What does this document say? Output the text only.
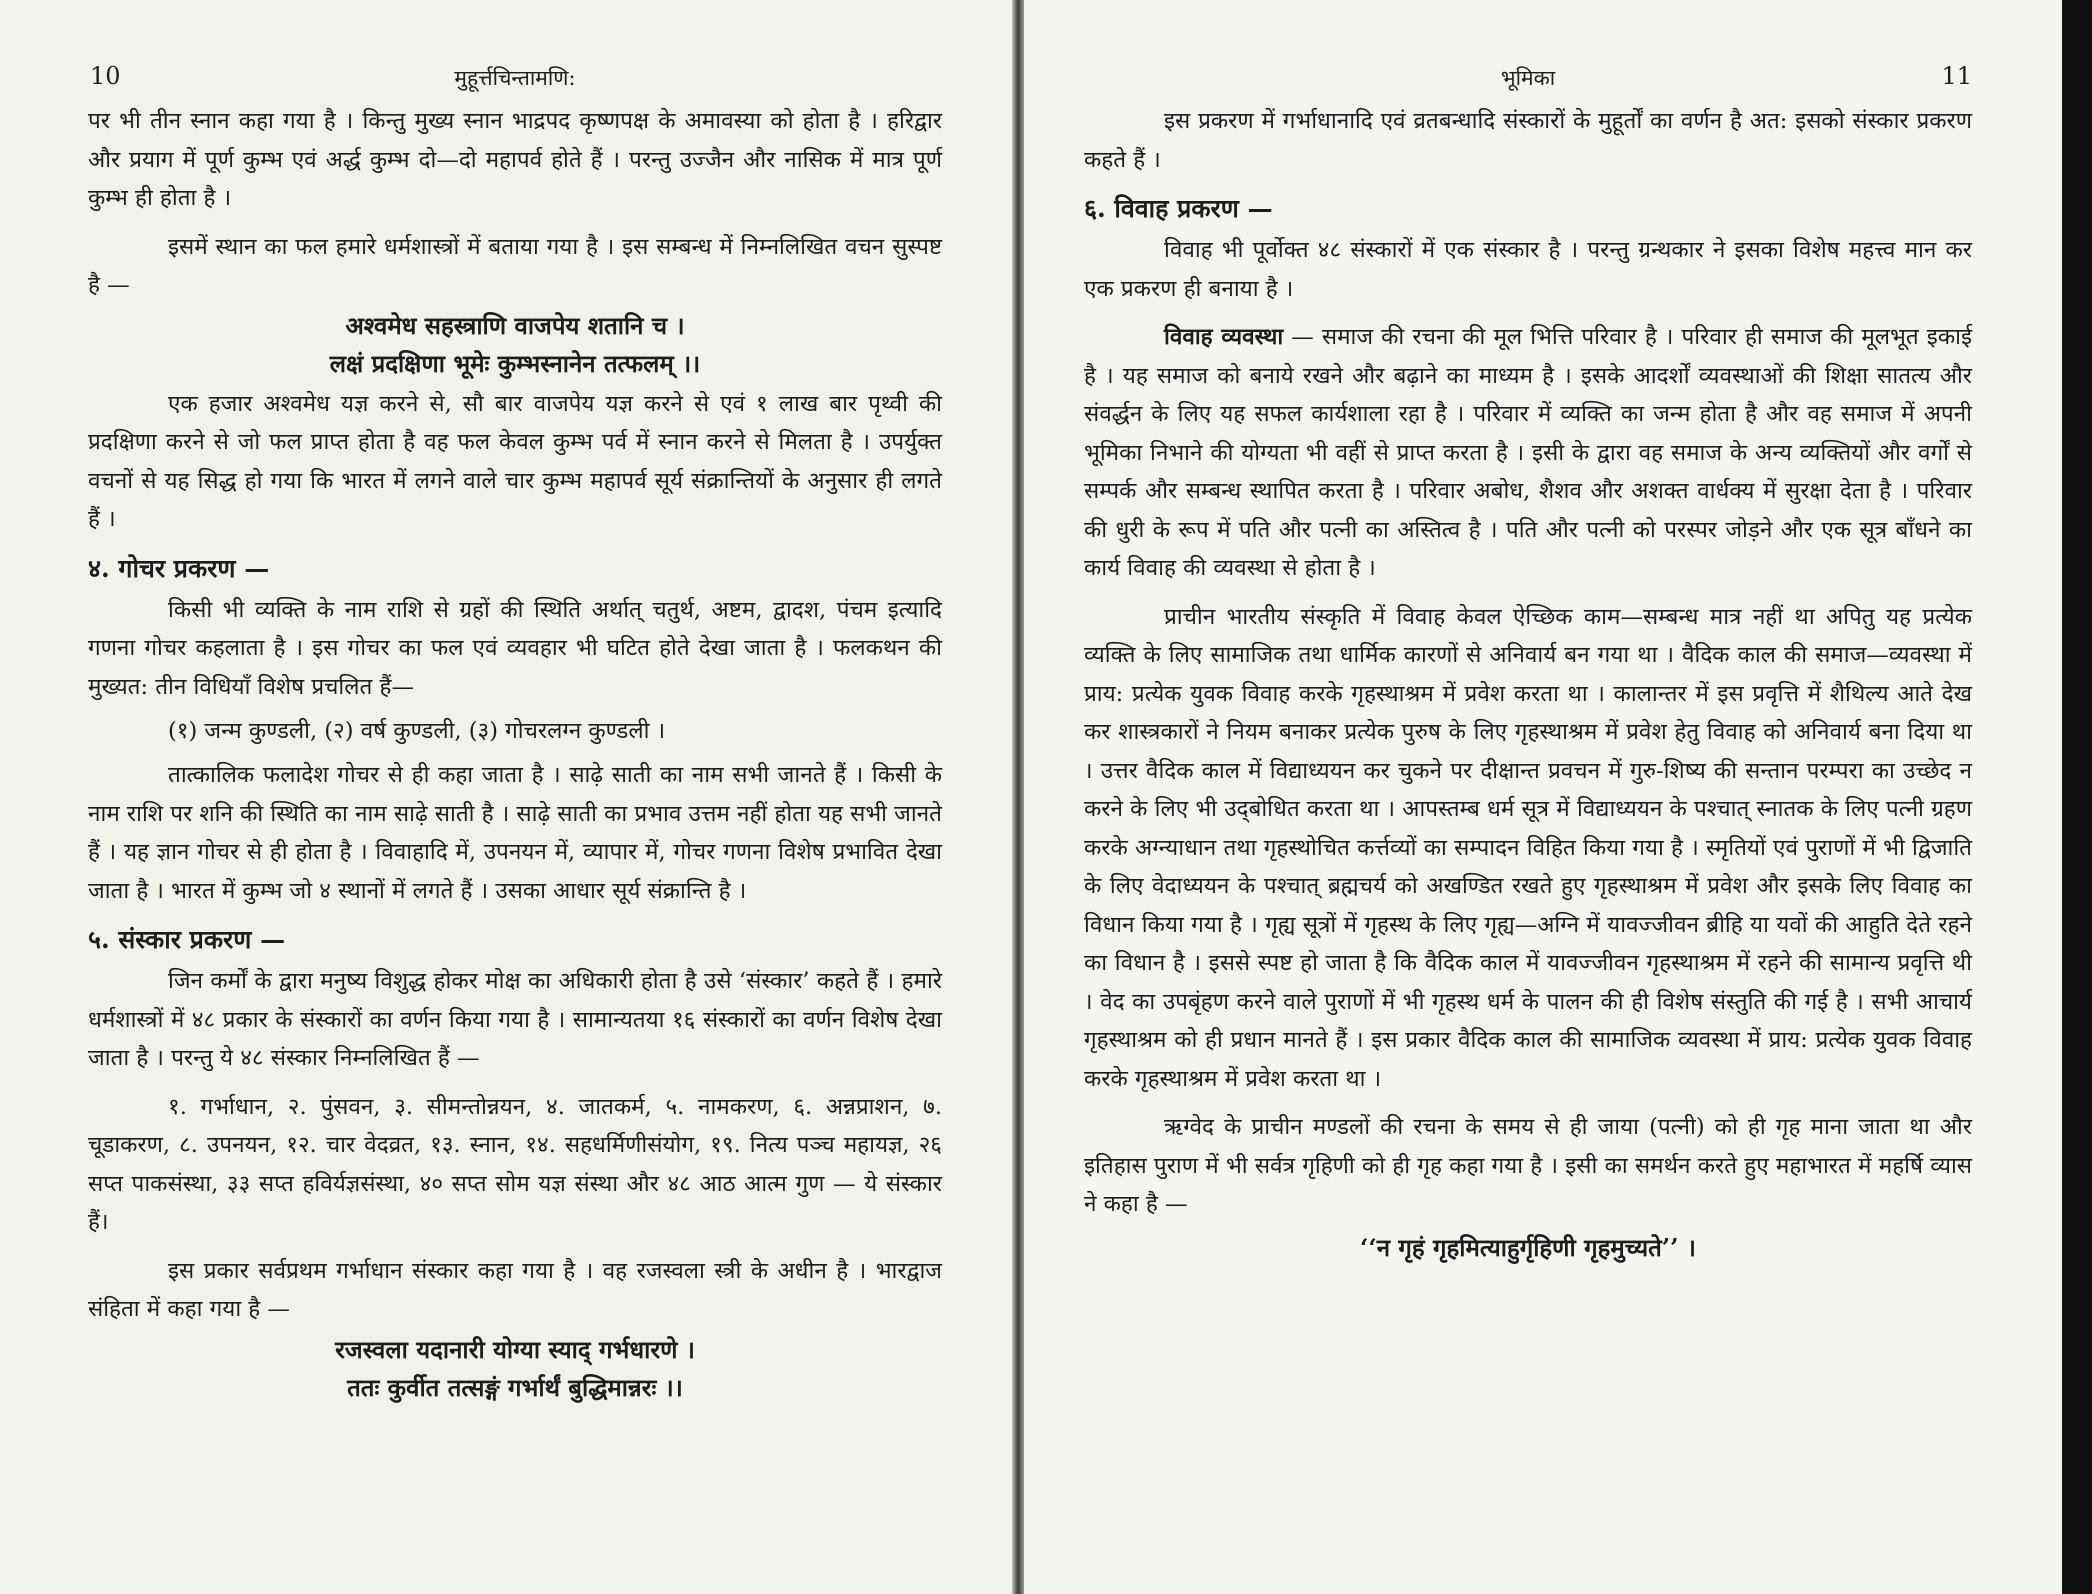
10	मुहूर्त्तचिन्तामणि:

पर भी तीन स्नान कहा गया है । किन्तु मुख्य स्नान भाद्रपद कृष्णपक्ष के अमावस्या को होता है । हरिद्वार और प्रयाग में पूर्ण कुम्भ एवं अर्द्ध कुम्भ दो—दो महापर्व होते हैं । परन्तु उज्जैन और नासिक में मात्र पूर्ण कुम्भ ही होता है ।

इसमें स्थान का फल हमारे धर्मशास्त्रों में बताया गया है । इस सम्बन्ध में निम्नलिखित वचन सुस्पष्ट है —

अश्वमेध सहस्त्राणि वाजपेय शतानि च ।
लक्षं प्रदक्षिणा भूमेः कुम्भस्नानेन तत्फलम् ।।

एक हजार अश्वमेध यज्ञ करने से, सौ बार वाजपेय यज्ञ करने से एवं १ लाख बार पृथ्वी की प्रदक्षिणा करने से जो फल प्राप्त होता है वह फल केवल कुम्भ पर्व में स्नान करने से मिलता है । उपर्युक्त वचनों से यह सिद्ध हो गया कि भारत में लगने वाले चार कुम्भ महापर्व सूर्य संक्रान्तियों के अनुसार ही लगते हैं ।

४. गोचर प्रकरण —

किसी भी व्यक्ति के नाम राशि से ग्रहों की स्थिति अर्थात् चतुर्थ, अष्टम, द्वादश, पंचम इत्यादि गणना गोचर कहलाता है । इस गोचर का फल एवं व्यवहार भी घटित होते देखा जाता है । फलकथन की मुख्यत: तीन विधियाँ विशेष प्रचलित हैं—

(१) जन्म कुण्डली, (२) वर्ष कुण्डली, (३) गोचरलग्न कुण्डली ।

तात्कालिक फलादेश गोचर से ही कहा जाता है । साढ़े साती का नाम सभी जानते हैं । किसी के नाम राशि पर शनि की स्थिति का नाम साढ़े साती है । साढ़े साती का प्रभाव उत्तम नहीं होता यह सभी जानते हैं । यह ज्ञान गोचर से ही होता है । विवाहादि में, उपनयन में, व्यापार में, गोचर गणना विशेष प्रभावित देखा जाता है । भारत में कुम्भ जो ४ स्थानों में लगते हैं । उसका आधार सूर्य संक्रान्ति है ।

५. संस्कार प्रकरण —

जिन कर्मों के द्वारा मनुष्य विशुद्ध होकर मोक्ष का अधिकारी होता है उसे ‘संस्कार’ कहते हैं । हमारे धर्मशास्त्रों में ४८ प्रकार के संस्कारों का वर्णन किया गया है । सामान्यतया १६ संस्कारों का वर्णन विशेष देखा जाता है । परन्तु ये ४८ संस्कार निम्नलिखित हैं —

१. गर्भाधान, २. पुंसवन, ३. सीमन्तोन्नयन, ४. जातकर्म, ५. नामकरण, ६. अन्नप्राशन, ७. चूडाकरण, ८. उपनयन, १२. चार वेदव्रत, १३. स्नान, १४. सहधर्मिणीसंयोग, १९. नित्य पञ्च महायज्ञ, २६ सप्त पाकसंस्था, ३३ सप्त हविर्यज्ञसंस्था, ४० सप्त सोम यज्ञ संस्था और ४८ आठ आत्म गुण — ये संस्कार हैं।

इस प्रकार सर्वप्रथम गर्भाधान संस्कार कहा गया है । वह रजस्वला स्त्री के अधीन है । भारद्वाज संहिता में कहा गया है —

रजस्वला यदानारी योग्या स्याद् गर्भधारणे ।
ततः कुर्वीत तत्सङ्गं गर्भार्थं बुद्धिमान्नरः ।।
भूमिका	11

इस प्रकरण में गर्भाधानादि एवं व्रतबन्धादि संस्कारों के मुहूर्तों का वर्णन है अत: इसको संस्कार प्रकरण कहते हैं ।

६. विवाह प्रकरण —

विवाह भी पूर्वोक्त ४८ संस्कारों में एक संस्कार है । परन्तु ग्रन्थकार ने इसका विशेष महत्त्व मान कर एक प्रकरण ही बनाया है ।

विवाह व्यवस्था — समाज की रचना की मूल भित्ति परिवार है । परिवार ही समाज की मूलभूत इकाई है । यह समाज को बनाये रखने और बढ़ाने का माध्यम है । इसके आदर्शों व्यवस्थाओं की शिक्षा सातत्य और संवर्द्धन के लिए यह सफल कार्यशाला रहा है । परिवार में व्यक्ति का जन्म होता है और वह समाज में अपनी भूमिका निभाने की योग्यता भी वहीं से प्राप्त करता है । इसी के द्वारा वह समाज के अन्य व्यक्तियों और वर्गों से सम्पर्क और सम्बन्ध स्थापित करता है । परिवार अबोध, शैशव और अशक्त वार्धक्य में सुरक्षा देता है । परिवार की धुरी के रूप में पति और पत्नी का अस्तित्व है । पति और पत्नी को परस्पर जोड़ने और एक सूत्र बाँधने का कार्य विवाह की व्यवस्था से होता है ।

प्राचीन भारतीय संस्कृति में विवाह केवल ऐच्छिक काम—सम्बन्ध मात्र नहीं था अपितु यह प्रत्येक व्यक्ति के लिए सामाजिक तथा धार्मिक कारणों से अनिवार्य बन गया था । वैदिक काल की समाज—व्यवस्था में प्राय: प्रत्येक युवक विवाह करके गृहस्थाश्रम में प्रवेश करता था । कालान्तर में इस प्रवृत्ति में शैथिल्य आते देख कर शास्त्रकारों ने नियम बनाकर प्रत्येक पुरुष के लिए गृहस्थाश्रम में प्रवेश हेतु विवाह को अनिवार्य बना दिया था । उत्तर वैदिक काल में विद्याध्ययन कर चुकने पर दीक्षान्त प्रवचन में गुरु-शिष्य की सन्तान परम्परा का उच्छेद न करने के लिए भी उद्‌बोधित करता था । आपस्तम्ब धर्म सूत्र में विद्याध्ययन के पश्चात् स्नातक के लिए पत्नी ग्रहण करके अग्न्याधान तथा गृहस्थोचित कर्त्तव्यों का सम्पादन विहित किया गया है । स्मृतियों एवं पुराणों में भी द्विजाति के लिए वेदाध्ययन के पश्चात् ब्रह्मचर्य को अखण्डित रखते हुए गृहस्थाश्रम में प्रवेश और इसके लिए विवाह का विधान किया गया है । गृह्य सूत्रों में गृहस्थ के लिए गृह्य—अग्नि में यावज्जीवन ब्रीहि या यवों की आहुति देते रहने का विधान है । इससे स्पष्ट हो जाता है कि वैदिक काल में यावज्जीवन गृहस्थाश्रम में रहने की सामान्य प्रवृत्ति थी । वेद का उपबृंहण करने वाले पुराणों में भी गृहस्थ धर्म के पालन की ही विशेष संस्तुति की गई है । सभी आचार्य गृहस्थाश्रम को ही प्रधान मानते हैं । इस प्रकार वैदिक काल की सामाजिक व्यवस्था में प्राय: प्रत्येक युवक विवाह करके गृहस्थाश्रम में प्रवेश करता था ।

ऋग्वेद के प्राचीन मण्डलों की रचना के समय से ही जाया (पत्नी) को ही गृह माना जाता था और इतिहास पुराण में भी सर्वत्र गृहिणी को ही गृह कहा गया है । इसी का समर्थन करते हुए महाभारत में महर्षि व्यास ने कहा है —

‘‘न गृहं गृहमित्याहुर्गृहिणी गृहमुच्यते’’ ।
